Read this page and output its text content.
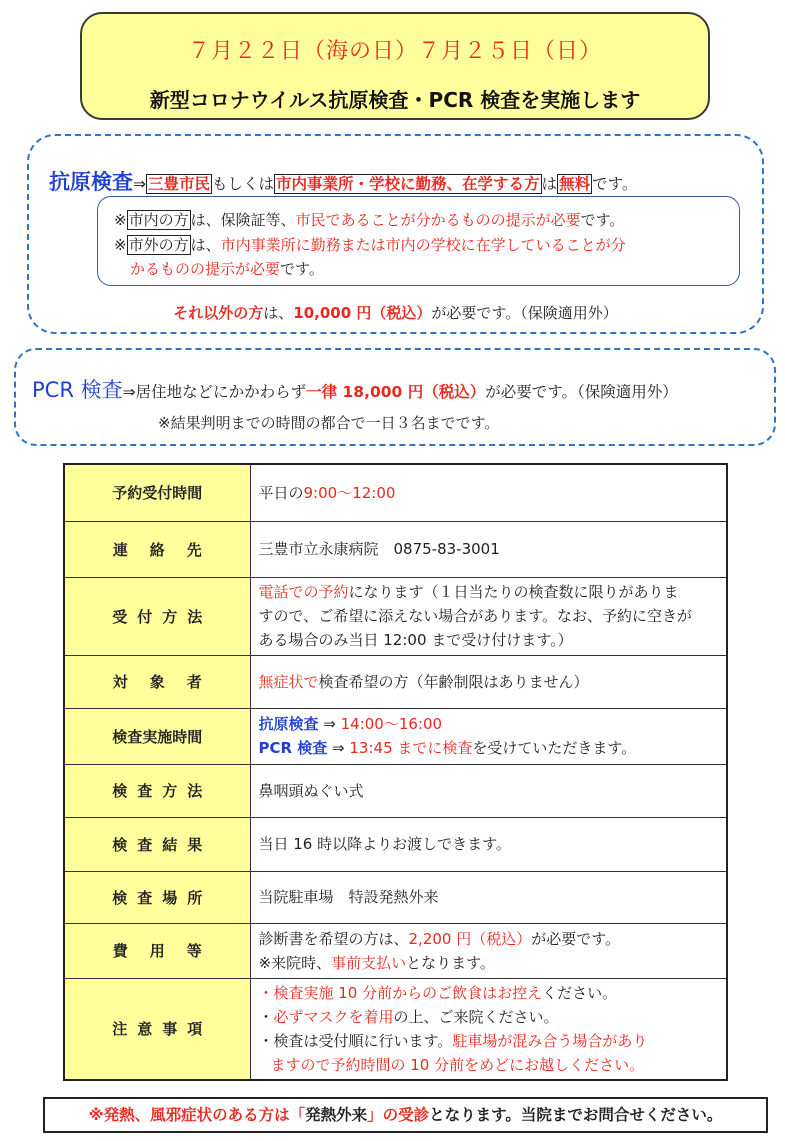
７月２２日（海の日）７月２５日（日）
新型コロナウイルス抗原検査・PCR 検査を実施します
抗原検査⇒ 三豊市民 もしくは 市内事業所・学校に勤務、在学する方 は 無料 です。
※ 市内の方 は、保険証等、市民であることが分かるものの提示が必要です。
※ 市外の方 は、市内事業所に勤務または市内の学校に在学していることが分
かるものの提示が必要です。
それ以外の方は、10,000 円（税込）が必要です。（保険適用外）
PCR 検査⇒居住地などにかかわらず一律 18,000 円（税込）が必要です。（保険適用外）
※結果判明までの時間の都合で一日３名までです。
予約受付時間	平日の9:00～12:00
連絡先	三豊市立永康病院　0875-83-3001
受付方法	電話での予約になります（１日当たりの検査数に限りがありま
すので、ご希望に添えない場合があります。なお、予約に空きが
ある場合のみ当日 12:00 まで受け付けます。）

対象者	無症状で検査希望の方（年齢制限はありません）
検査実施時間	抗原検査 ⇒ 14:00～16:00
PCR 検査 ⇒ 13:45 までに検査を受けていただきます。

検査方法	鼻咽頭ぬぐい式
検査結果	当日 16 時以降よりお渡しできます。
検査場所	当院駐車場　特設発熱外来
費用等	診断書を希望の方は、2,200 円（税込）が必要です。
※来院時、事前支払いとなります。

注意事項	・検査実施 10 分前からのご飲食はお控えください。
・必ずマスクを着用の上、ご来院ください。
・検査は受付順に行います。駐車場が混み合う場合があり
ますので予約時間の 10 分前をめどにお越しください。
※発熱、風邪症状のある方は「発熱外来」の受診となります。当院までお問合せください。
